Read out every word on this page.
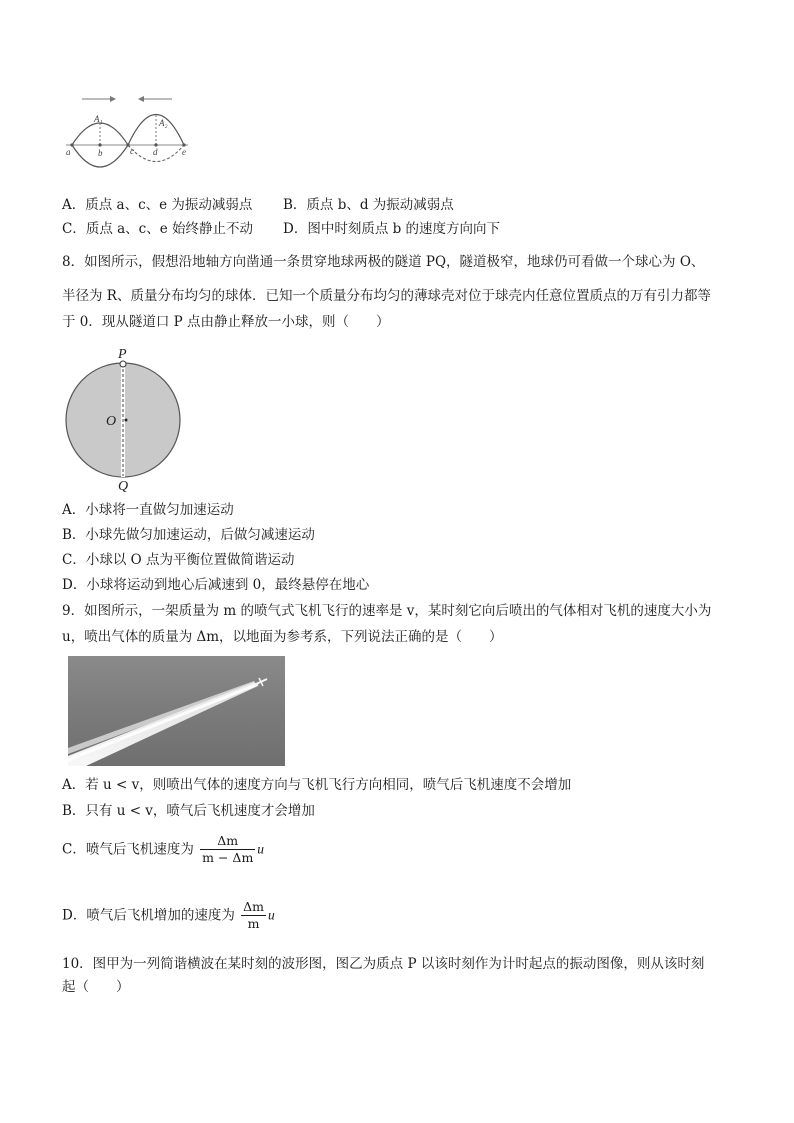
A₁	A₂
a	b	c d	e
A．质点 a、c、e 为振动减弱点 B．质点 b、d 为振动减弱点
C．质点 a、c、e 始终静止不动 D．图中时刻质点 b 的速度方向向下
8．如图所示，假想沿地轴方向凿通一条贯穿地球两极的隧道 PQ，隧道极窄，地球仍可看做一个球心为 O、
半径为 R、质量分布均匀的球体．已知一个质量分布均匀的薄球壳对位于球壳内任意位置质点的万有引力都等
于 0．现从隧道口 P 点由静止释放一小球，则（　　）
P
O
Q
A．小球将一直做匀加速运动
B．小球先做匀加速运动，后做匀减速运动
C．小球以 O 点为平衡位置做简谐运动
D．小球将运动到地心后减速到 0，最终悬停在地心
9．如图所示，一架质量为 m 的喷气式飞机飞行的速率是 v，某时刻它向后喷出的气体相对飞机的速度大小为
u，喷出气体的质量为 Δm，以地面为参考系，下列说法正确的是（　　）
A．若 u < v，则喷出气体的速度方向与飞机飞行方向相同，喷气后飞机速度不会增加
B．只有 u < v，喷气后飞机速度才会增加
C．喷气后飞机速度为 $\frac{\Delta m}{m - \Delta m}$ u
D．喷气后飞机增加的速度为 $\frac{\Delta m}{m}$ u
10．图甲为一列简谐横波在某时刻的波形图，图乙为质点 P 以该时刻作为计时起点的振动图像，则从该时刻
起（　　）
